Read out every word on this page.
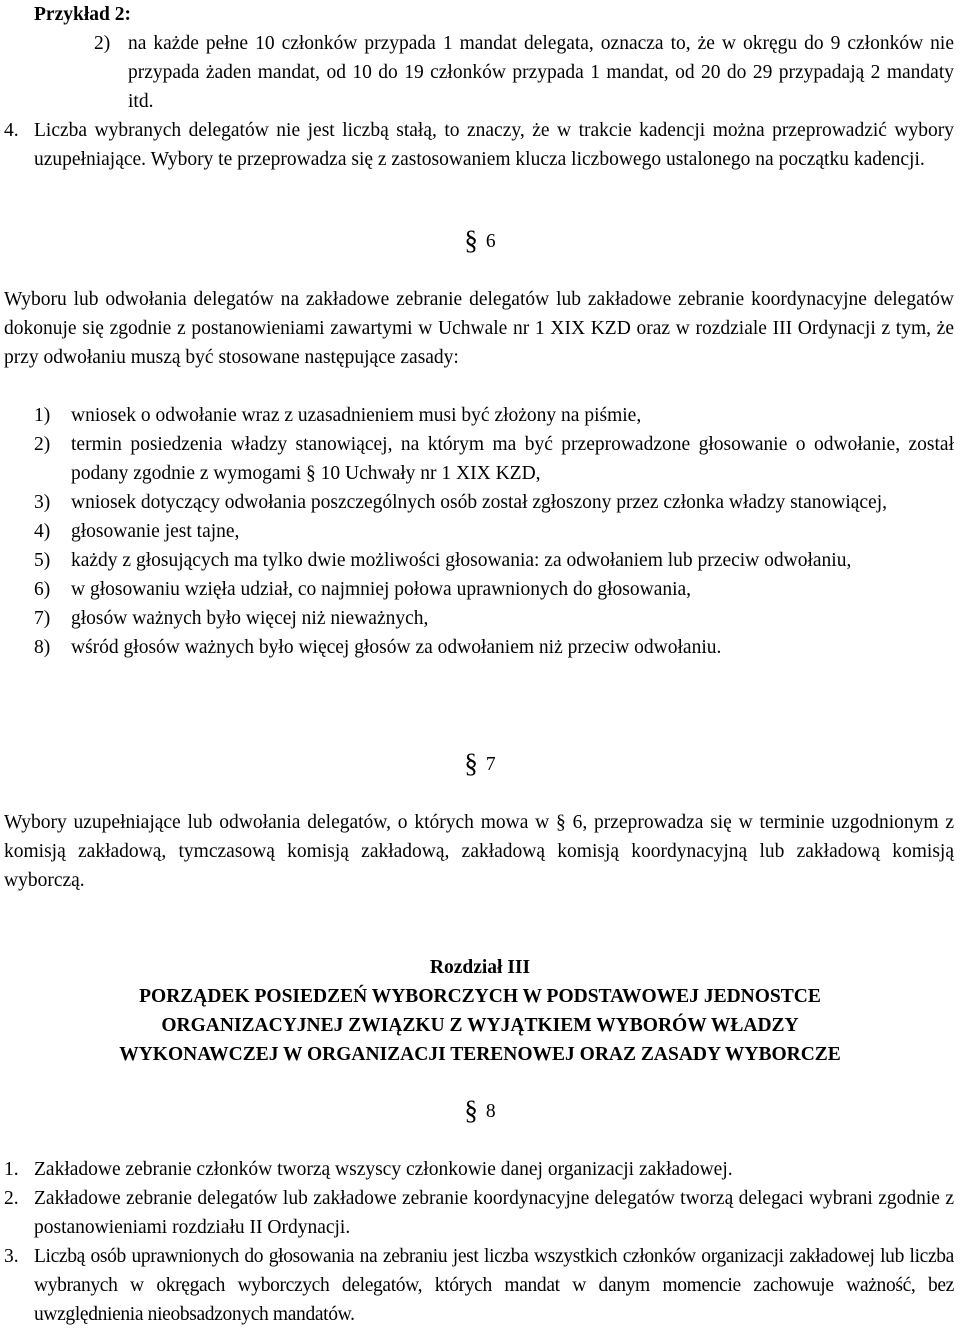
Przykład 2:
2) na każde pełne 10 członków przypada 1 mandat delegata, oznacza to, że w okręgu do 9 członków nie przypada żaden mandat, od 10 do 19 członków przypada 1 mandat, od 20 do 29 przypadają 2 mandaty itd.
4. Liczba wybranych delegatów nie jest liczbą stałą, to znaczy, że w trakcie kadencji można przeprowadzić wybory uzupełniające. Wybory te przeprowadza się z zastosowaniem klucza liczbowego ustalonego na początku kadencji.
§ 6
Wyboru lub odwołania delegatów na zakładowe zebranie delegatów lub zakładowe zebranie koordynacyjne delegatów dokonuje się zgodnie z postanowieniami zawartymi w Uchwale nr 1 XIX KZD oraz w rozdziale III Ordynacji z tym, że przy odwołaniu muszą być stosowane następujące zasady:
1)	wniosek o odwołanie wraz z uzasadnieniem musi być złożony na piśmie,
2)	termin posiedzenia władzy stanowiącej, na którym ma być przeprowadzone głosowanie o odwołanie, został podany zgodnie z wymogami § 10 Uchwały nr 1 XIX KZD,
3)	wniosek dotyczący odwołania poszczególnych osób został zgłoszony przez członka władzy stanowiącej,
4)	głosowanie jest tajne,
5)	każdy z głosujących ma tylko dwie możliwości głosowania: za odwołaniem lub przeciw odwołaniu,
6)	w głosowaniu wzięła udział, co najmniej połowa uprawnionych do głosowania,
7)	głosów ważnych było więcej niż nieważnych,
8)	wśród głosów ważnych było więcej głosów za odwołaniem niż przeciw odwołaniu.
§ 7
Wybory uzupełniające lub odwołania delegatów, o których mowa w § 6, przeprowadza się w terminie uzgodnionym z komisją zakładową, tymczasową komisją zakładową, zakładową komisją koordynacyjną lub zakładową komisją wyborczą.
Rozdział III
PORZĄDEK POSIEDZEŃ WYBORCZYCH W PODSTAWOWEJ JEDNOSTCE
ORGANIZACYJNEJ ZWIĄZKU Z WYJĄTKIEM WYBORÓW WŁADZY
WYKONAWCZEJ W ORGANIZACJI TERENOWEJ ORAZ ZASADY WYBORCZE
§ 8
1. Zakładowe zebranie członków tworzą wszyscy członkowie danej organizacji zakładowej.
2. Zakładowe zebranie delegatów lub zakładowe zebranie koordynacyjne delegatów tworzą delegaci wybrani zgodnie z postanowieniami rozdziału II Ordynacji.
3. Liczbą osób uprawnionych do głosowania na zebraniu jest liczba wszystkich członków organizacji zakładowej lub liczba wybranych w okręgach wyborczych delegatów, których mandat w danym momencie zachowuje ważność, bez uwzględnienia nieobsadzonych mandatów.
